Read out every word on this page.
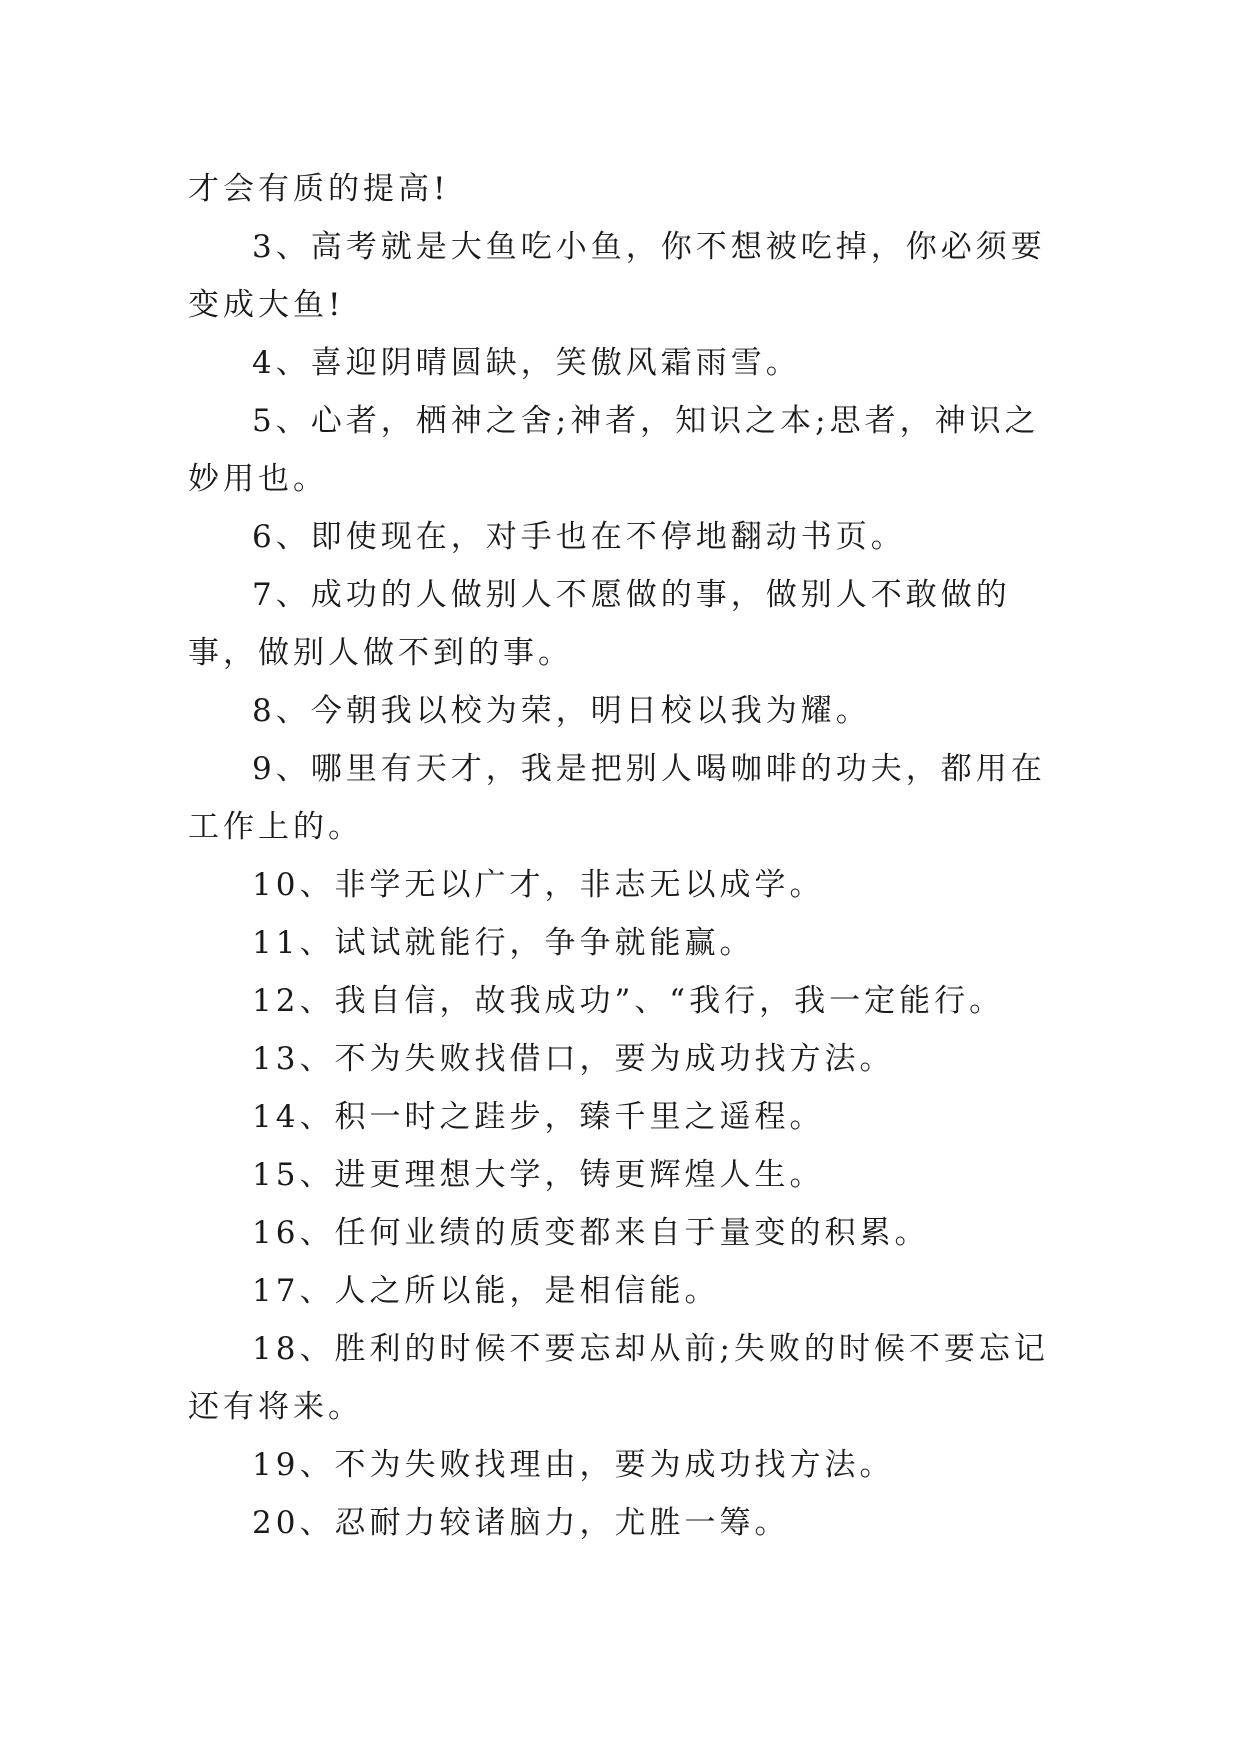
才会有质的提高!

3、高考就是大鱼吃小鱼，你不想被吃掉，你必须要变成大鱼!

4、喜迎阴晴圆缺，笑傲风霜雨雪。

5、心者，栖神之舍;神者，知识之本;思者，神识之妙用也。

6、即使现在，对手也在不停地翻动书页。

7、成功的人做别人不愿做的事，做别人不敢做的事，做别人做不到的事。

8、今朝我以校为荣，明日校以我为耀。

9、哪里有天才，我是把别人喝咖啡的功夫，都用在工作上的。

10、非学无以广才，非志无以成学。

11、试试就能行，争争就能赢。

12、我自信，故我成功”、“我行，我一定能行。

13、不为失败找借口，要为成功找方法。

14、积一时之跬步，臻千里之遥程。

15、进更理想大学，铸更辉煌人生。

16、任何业绩的质变都来自于量变的积累。

17、人之所以能，是相信能。

18、胜利的时候不要忘却从前;失败的时候不要忘记还有将来。

19、不为失败找理由，要为成功找方法。

20、忍耐力较诸脑力，尤胜一筹。
